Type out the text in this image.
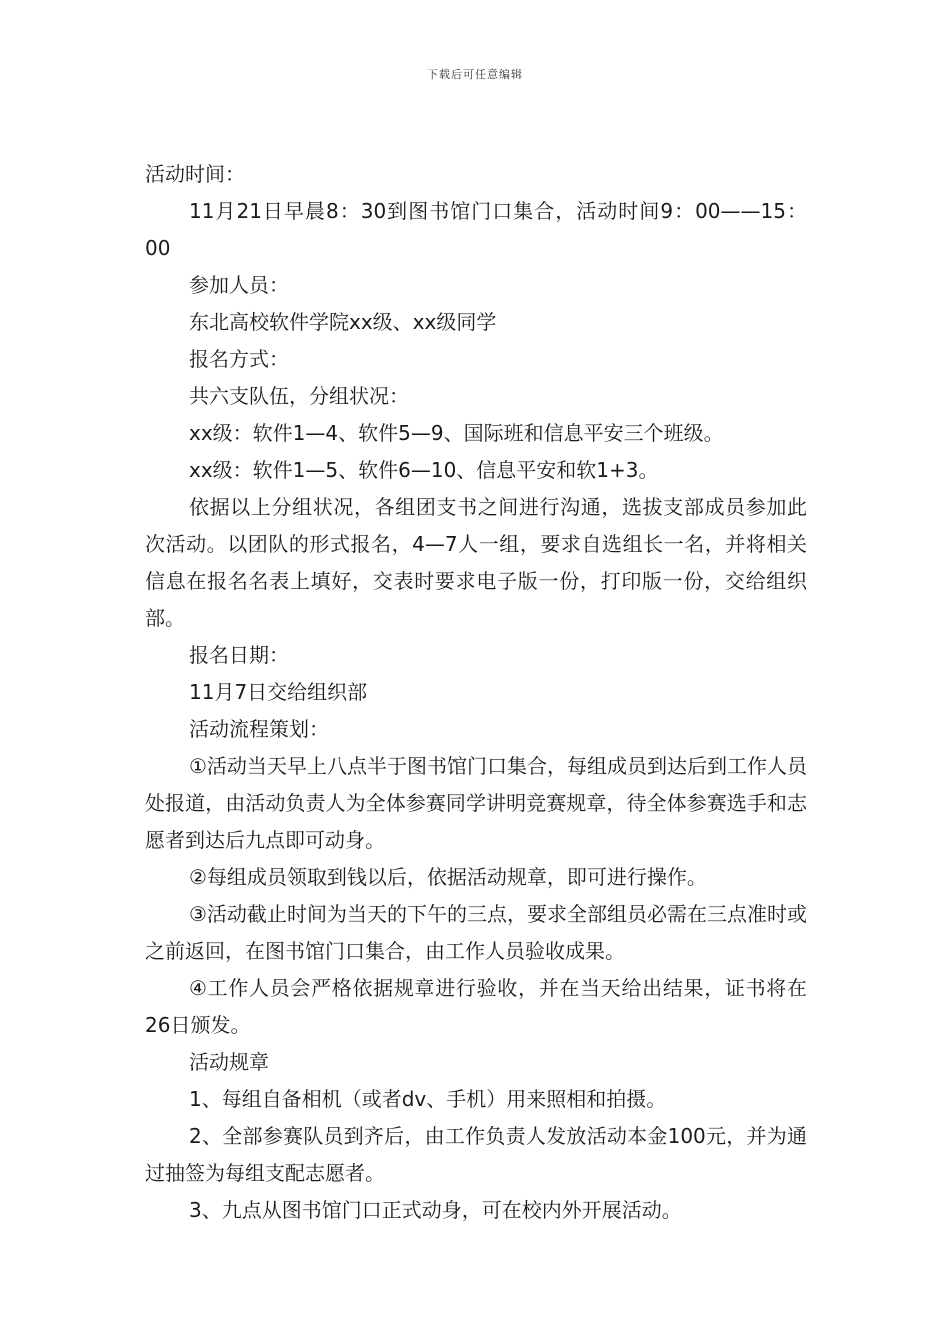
下载后可任意编辑

活动时间：

11月21日早晨8：30到图书馆门口集合，活动时间9：00——15：00

参加人员：

东北高校软件学院xx级、xx级同学

报名方式：

共六支队伍，分组状况：

xx级：软件1—4、软件5—9、国际班和信息平安三个班级。

xx级：软件1—5、软件6—10、信息平安和软1+3。

依据以上分组状况，各组团支书之间进行沟通，选拔支部成员参加此次活动。以团队的形式报名，4—7人一组，要求自选组长一名，并将相关信息在报名名表上填好，交表时要求电子版一份，打印版一份，交给组织部。

报名日期：

11月7日交给组织部

活动流程策划：

①活动当天早上八点半于图书馆门口集合，每组成员到达后到工作人员处报道，由活动负责人为全体参赛同学讲明竞赛规章，待全体参赛选手和志愿者到达后九点即可动身。

②每组成员领取到钱以后，依据活动规章，即可进行操作。

③活动截止时间为当天的下午的三点，要求全部组员必需在三点准时或之前返回，在图书馆门口集合，由工作人员验收成果。

④工作人员会严格依据规章进行验收，并在当天给出结果，证书将在26日颁发。

活动规章

1、每组自备相机（或者dv、手机）用来照相和拍摄。

2、全部参赛队员到齐后，由工作负责人发放活动本金100元，并为通过抽签为每组支配志愿者。

3、九点从图书馆门口正式动身，可在校内外开展活动。
